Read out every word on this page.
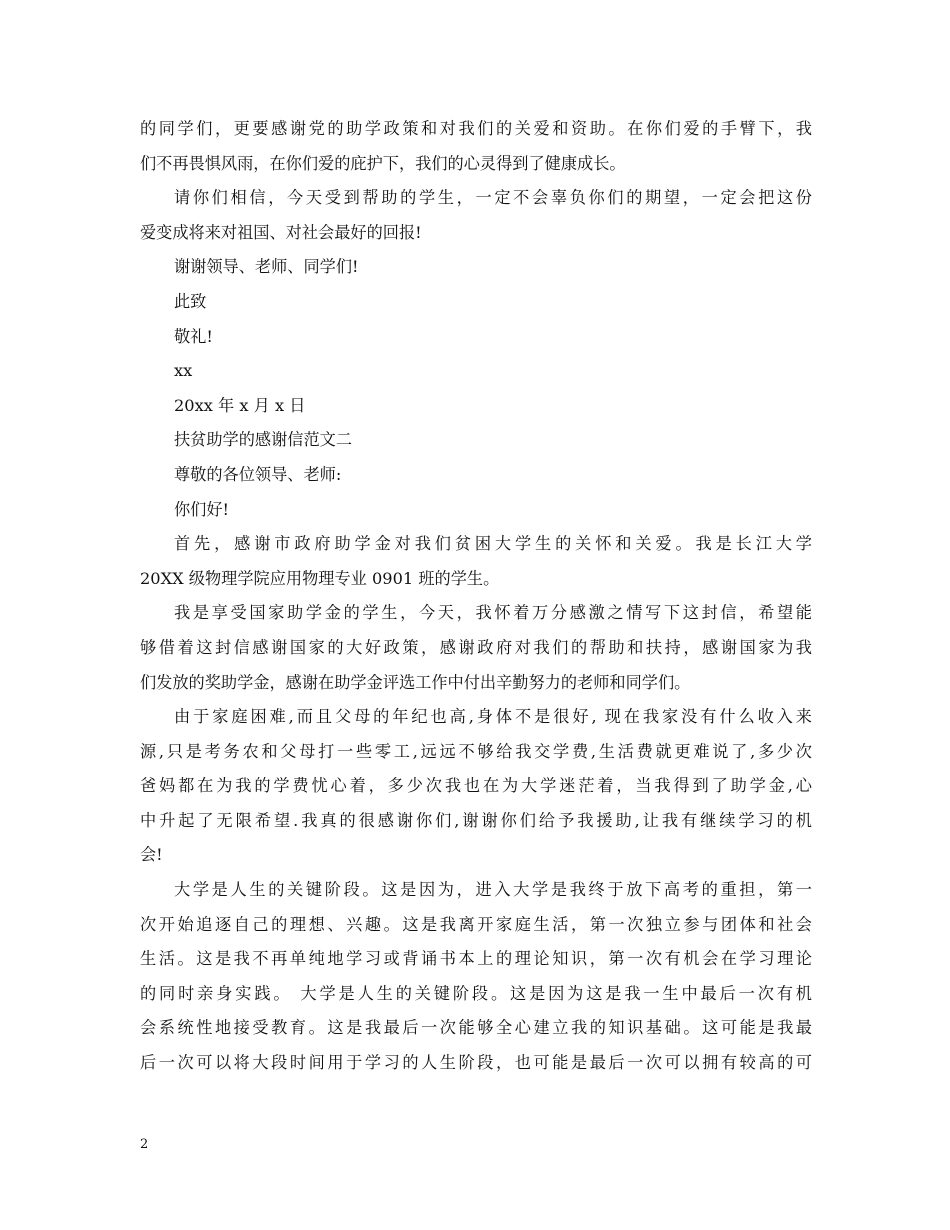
的同学们，更要感谢党的助学政策和对我们的关爱和资助。在你们爱的手臂下，我
们不再畏惧风雨，在你们爱的庇护下，我们的心灵得到了健康成长。
请你们相信，今天受到帮助的学生，一定不会辜负你们的期望，一定会把这份
爱变成将来对祖国、对社会最好的回报!
谢谢领导、老师、同学们!
此致
敬礼!
xx
20xx 年 x 月 x 日
扶贫助学的感谢信范文二
尊敬的各位领导、老师:
你们好!
首先，感谢市政府助学金对我们贫困大学生的关怀和关爱。我是长江大学
20XX 级物理学院应用物理专业 0901 班的学生。
我是享受国家助学金的学生，今天，我怀着万分感激之情写下这封信，希望能
够借着这封信感谢国家的大好政策，感谢政府对我们的帮助和扶持，感谢国家为我
们发放的奖助学金，感谢在助学金评选工作中付出辛勤努力的老师和同学们。
由于家庭困难,而且父母的年纪也高,身体不是很好, 现在我家没有什么收入来
源,只是考务农和父母打一些零工,远远不够给我交学费,生活费就更难说了,多少次
爸妈都在为我的学费忧心着，多少次我也在为大学迷茫着，当我得到了助学金,心
中升起了无限希望.我真的很感谢你们,谢谢你们给予我援助,让我有继续学习的机
会!
大学是人生的关键阶段。这是因为，进入大学是我终于放下高考的重担，第一
次开始追逐自己的理想、兴趣。这是我离开家庭生活，第一次独立参与团体和社会
生活。这是我不再单纯地学习或背诵书本上的理论知识，第一次有机会在学习理论
的同时亲身实践。 大学是人生的关键阶段。这是因为这是我一生中最后一次有机
会系统性地接受教育。这是我最后一次能够全心建立我的知识基础。这可能是我最
后一次可以将大段时间用于学习的人生阶段，也可能是最后一次可以拥有较高的可
2
